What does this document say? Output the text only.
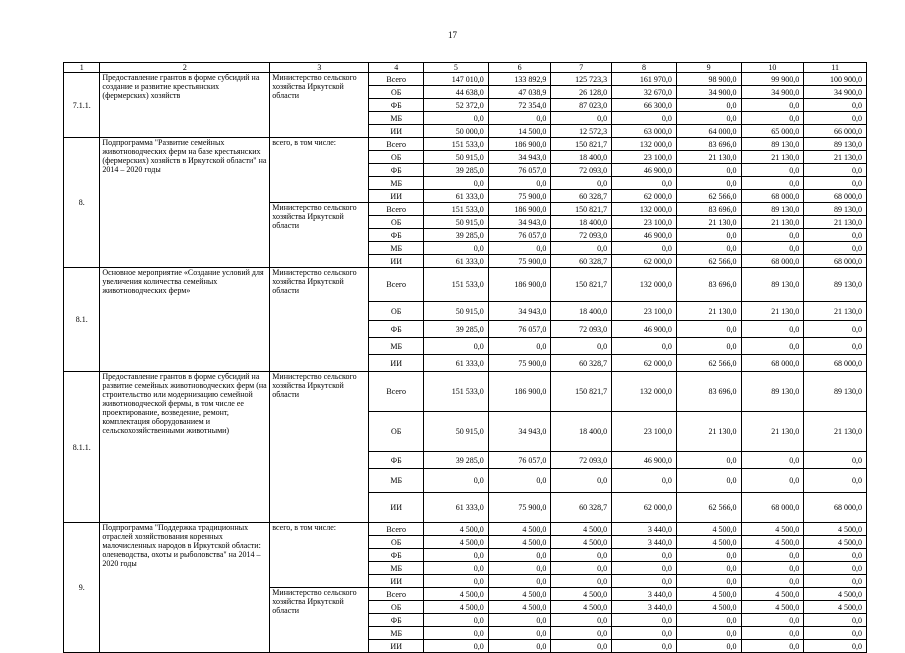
17
1	2	3	4	5	6	7	8	9	10	11
7.1.1.	Предоставление грантов в форме субсидий на создание и развитие крестьянских (фермерских) хозяйств	Министерство сельского хозяйства Иркутской области	Всего	147 010,0	133 892,9	125 723,3	161 970,0	98 900,0	99 900,0	100 900,0
			ОБ	44 638,0	47 038,9	26 128,0	32 670,0	34 900,0	34 900,0	34 900,0
			ФБ	52 372,0	72 354,0	87 023,0	66 300,0	0,0	0,0	0,0
			МБ	0,0	0,0	0,0	0,0	0,0	0,0	0,0
			ИИ	50 000,0	14 500,0	12 572,3	63 000,0	64 000,0	65 000,0	66 000,0
8.	Подпрограмма "Развитие семейных животноводческих ферм на базе крестьянских (фермерских) хозяйств в Иркутской области" на 2014 – 2020 годы	всего, в том числе:	Всего	151 533,0	186 900,0	150 821,7	132 000,0	83 696,0	89 130,0	89 130,0
			ОБ	50 915,0	34 943,0	18 400,0	23 100,0	21 130,0	21 130,0	21 130,0
			ФБ	39 285,0	76 057,0	72 093,0	46 900,0	0,0	0,0	0,0
			МБ	0,0	0,0	0,0	0,0	0,0	0,0	0,0
			ИИ	61 333,0	75 900,0	60 328,7	62 000,0	62 566,0	68 000,0	68 000,0
		Министерство сельского хозяйства Иркутской области	Всего	151 533,0	186 900,0	150 821,7	132 000,0	83 696,0	89 130,0	89 130,0
			ОБ	50 915,0	34 943,0	18 400,0	23 100,0	21 130,0	21 130,0	21 130,0
			ФБ	39 285,0	76 057,0	72 093,0	46 900,0	0,0	0,0	0,0
			МБ	0,0	0,0	0,0	0,0	0,0	0,0	0,0
			ИИ	61 333,0	75 900,0	60 328,7	62 000,0	62 566,0	68 000,0	68 000,0
8.1.	Основное мероприятие «Создание условий для увеличения количества семейных животноводческих ферм»	Министерство сельского хозяйства Иркутской области	Всего	151 533,0	186 900,0	150 821,7	132 000,0	83 696,0	89 130,0	89 130,0
			ОБ	50 915,0	34 943,0	18 400,0	23 100,0	21 130,0	21 130,0	21 130,0
			ФБ	39 285,0	76 057,0	72 093,0	46 900,0	0,0	0,0	0,0
			МБ	0,0	0,0	0,0	0,0	0,0	0,0	0,0
			ИИ	61 333,0	75 900,0	60 328,7	62 000,0	62 566,0	68 000,0	68 000,0
8.1.1.	Предоставление грантов в форме субсидий на развитие семейных животноводческих ферм (на строительство или модернизацию семейной животноводческой фермы, в том числе ее проектирование, возведение, ремонт, комплектация оборудованием и сельскохозяйственными животными)	Министерство сельского хозяйства Иркутской области	Всего	151 533,0	186 900,0	150 821,7	132 000,0	83 696,0	89 130,0	89 130,0
			ОБ	50 915,0	34 943,0	18 400,0	23 100,0	21 130,0	21 130,0	21 130,0
			ФБ	39 285,0	76 057,0	72 093,0	46 900,0	0,0	0,0	0,0
			МБ	0,0	0,0	0,0	0,0	0,0	0,0	0,0
			ИИ	61 333,0	75 900,0	60 328,7	62 000,0	62 566,0	68 000,0	68 000,0
9.	Подпрограмма "Поддержка традиционных отраслей хозяйствования коренных малочисленных народов в Иркутской области: оленеводства, охоты и рыболовства" на 2014 – 2020 годы	всего, в том числе:	Всего	4 500,0	4 500,0	4 500,0	3 440,0	4 500,0	4 500,0	4 500,0
			ОБ	4 500,0	4 500,0	4 500,0	3 440,0	4 500,0	4 500,0	4 500,0
			ФБ	0,0	0,0	0,0	0,0	0,0	0,0	0,0
			МБ	0,0	0,0	0,0	0,0	0,0	0,0	0,0
			ИИ	0,0	0,0	0,0	0,0	0,0	0,0	0,0
		Министерство сельского хозяйства Иркутской области	Всего	4 500,0	4 500,0	4 500,0	3 440,0	4 500,0	4 500,0	4 500,0
			ОБ	4 500,0	4 500,0	4 500,0	3 440,0	4 500,0	4 500,0	4 500,0
			ФБ	0,0	0,0	0,0	0,0	0,0	0,0	0,0
			МБ	0,0	0,0	0,0	0,0	0,0	0,0	0,0
			ИИ	0,0	0,0	0,0	0,0	0,0	0,0	0,0
